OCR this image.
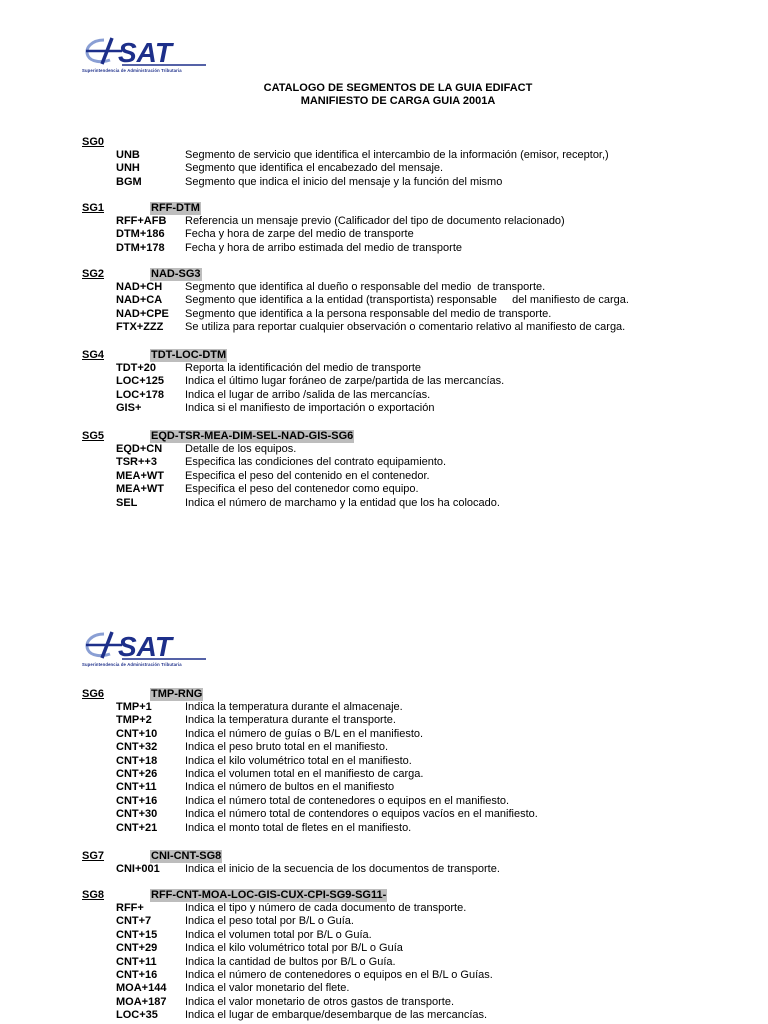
SAT
Superintendencia de Administración Tributaria
CATALOGO DE SEGMENTOS DE LA GUIA EDIFACT
MANIFIESTO DE CARGA GUIA 2001A
SG0
UNB	Segmento de servicio que identifica el intercambio de la información (emisor, receptor,)
UNH	Segmento que identifica el encabezado del mensaje.
BGM	Segmento que indica el inicio del mensaje y la función del mismo
SG1	RFF-DTM
RFF+AFB Referencia un mensaje previo (Calificador del tipo de documento relacionado)
DTM+186 Fecha y hora de zarpe del medio de transporte
DTM+178 Fecha y hora de arribo estimada del medio de transporte
SG2	NAD-SG3
NAD+CH Segmento que identifica al dueño o responsable del medio  de transporte.
NAD+CA Segmento que identifica a la entidad (transportista) responsable     del manifiesto de carga.
NAD+CPE Segmento que identifica a la persona responsable del medio de transporte.
FTX+ZZZ Se utiliza para reportar cualquier observación o comentario relativo al manifiesto de carga.
SG4	TDT-LOC-DTM
TDT+20	Reporta la identificación del medio de transporte
LOC+125 Indica el último lugar foráneo de zarpe/partida de las mercancías.
LOC+178 Indica el lugar de arribo /salida de las mercancías.
GIS+	Indica si el manifiesto de importación o exportación
SG5	EQD-TSR-MEA-DIM-SEL-NAD-GIS-SG6
EQD+CN Detalle de los equipos.
TSR++3	Especifica las condiciones del contrato equipamiento.
MEA+WT Especifica el peso del contenido en el contenedor.
MEA+WT Especifica el peso del contenedor como equipo.
SEL	Indica el número de marchamo y la entidad que los ha colocado.
SAT
Superintendencia de Administración Tributaria
SG6	TMP-RNG
TMP+1	Indica la temperatura durante el almacenaje.
TMP+2	Indica la temperatura durante el transporte.
CNT+10	Indica el número de guías o B/L en el manifiesto.
CNT+32	Indica el peso bruto total en el manifiesto.
CNT+18	Indica el kilo volumétrico total en el manifiesto.
CNT+26	Indica el volumen total en el manifiesto de carga.
CNT+11	Indica el número de bultos en el manifiesto
CNT+16	Indica el número total de contenedores o equipos en el manifiesto.
CNT+30	Indica el número total de contendores o equipos vacíos en el manifiesto.
CNT+21	Indica el monto total de fletes en el manifiesto.
SG7	CNI-CNT-SG8
CNI+001 Indica el inicio de la secuencia de los documentos de transporte.
SG8	RFF-CNT-MOA-LOC-GIS-CUX-CPI-SG9-SG11-
RFF+	Indica el tipo y número de cada documento de transporte.
CNT+7	Indica el peso total por B/L o Guía.
CNT+15	Indica el volumen total por B/L o Guía.
CNT+29	Indica el kilo volumétrico total por B/L o Guía
CNT+11	Indica la cantidad de bultos por B/L o Guía.
CNT+16	Indica el número de contenedores o equipos en el B/L o Guías.
MOA+144 Indica el valor monetario del flete.
MOA+187 Indica el valor monetario de otros gastos de transporte.
LOC+35 Indica el lugar de embarque/desembarque de las mercancías.
